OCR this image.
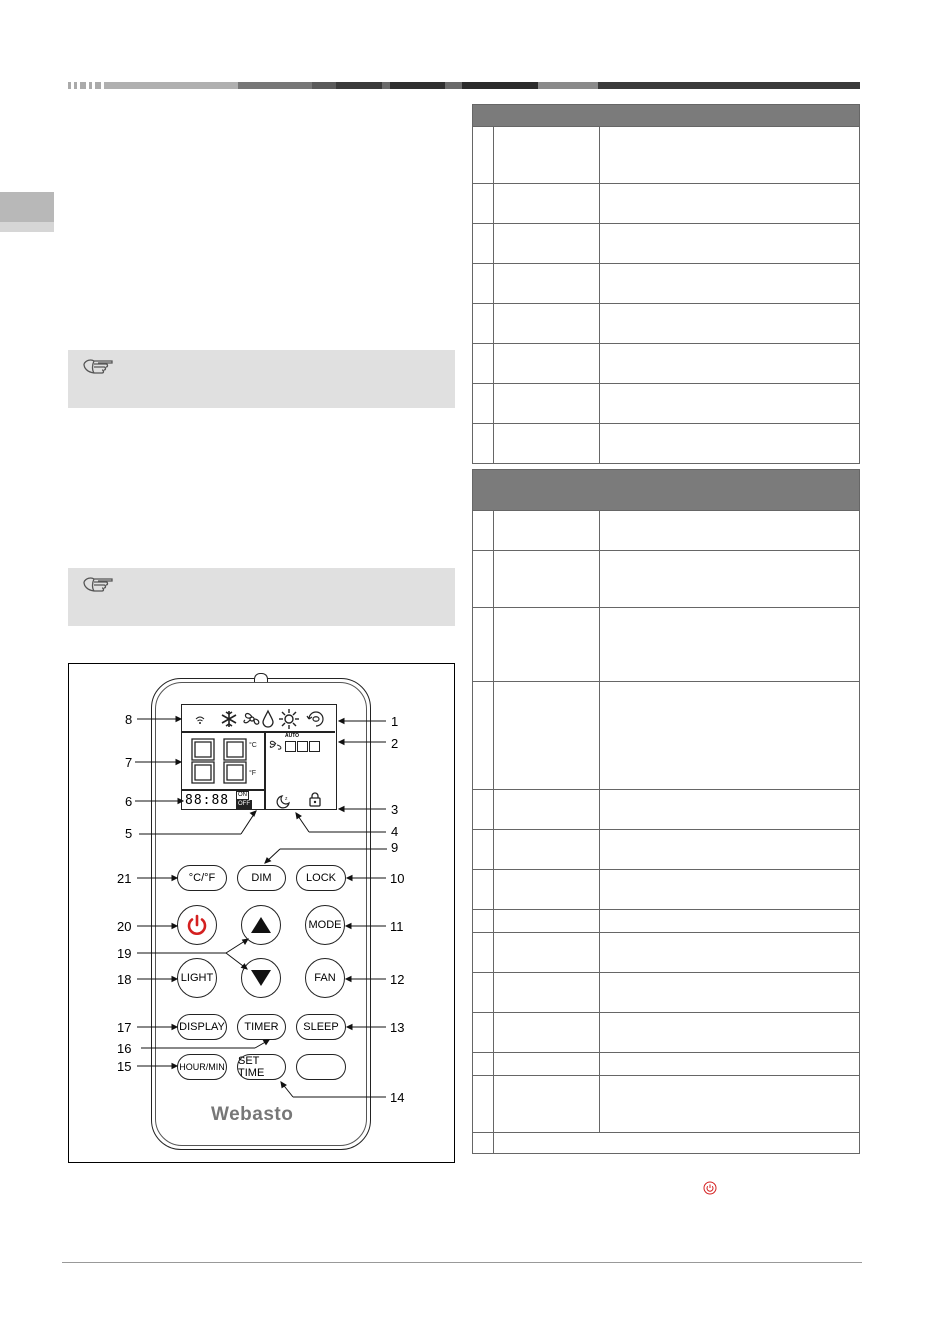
°C
°F
AUTO
88:88	ON
OFF
z
°C/°F	DIM	LOCK
MODE
LIGHT	FAN
DISPLAY	TIMER	SLEEP
HOUR/MIN SET TIME
Webasto
1
2
3
4
5
6
7
8
9
10
11
12
13
14
15
16
17
18
19
20
21
